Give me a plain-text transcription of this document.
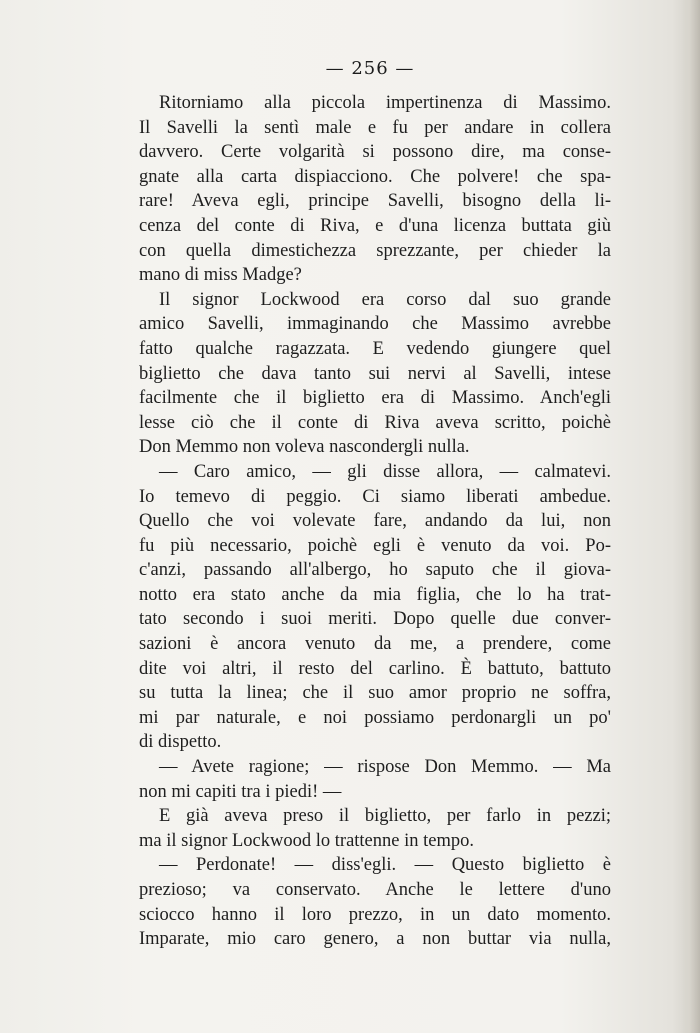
— 256 —
Ritorniamo alla piccola impertinenza di Massimo.
Il Savelli la sentì male e fu per andare in collera
davvero. Certe volgarità si possono dire, ma conse-
gnate alla carta dispiacciono. Che polvere! che spa-
rare! Aveva egli, principe Savelli, bisogno della li-
cenza del conte di Riva, e d'una licenza buttata giù
con quella dimestichezza sprezzante, per chieder la
mano di miss Madge?
Il signor Lockwood era corso dal suo grande
amico Savelli, immaginando che Massimo avrebbe
fatto qualche ragazzata. E vedendo giungere quel
biglietto che dava tanto sui nervi al Savelli, intese
facilmente che il biglietto era di Massimo. Anch'egli
lesse ciò che il conte di Riva aveva scritto, poichè
Don Memmo non voleva nascondergli nulla.
— Caro amico, — gli disse allora, — calmatevi.
Io temevo di peggio. Ci siamo liberati ambedue.
Quello che voi volevate fare, andando da lui, non
fu più necessario, poichè egli è venuto da voi. Po-
c'anzi, passando all'albergo, ho saputo che il giova-
notto era stato anche da mia figlia, che lo ha trat-
tato secondo i suoi meriti. Dopo quelle due conver-
sazioni è ancora venuto da me, a prendere, come
dite voi altri, il resto del carlino. È battuto, battuto
su tutta la linea; che il suo amor proprio ne soffra,
mi par naturale, e noi possiamo perdonargli un po'
di dispetto.
— Avete ragione; — rispose Don Memmo. — Ma
non mi capiti tra i piedi! —
E già aveva preso il biglietto, per farlo in pezzi;
ma il signor Lockwood lo trattenne in tempo.
— Perdonate! — diss'egli. — Questo biglietto è
prezioso; va conservato. Anche le lettere d'uno
sciocco hanno il loro prezzo, in un dato momento.
Imparate, mio caro genero, a non buttar via nulla,
